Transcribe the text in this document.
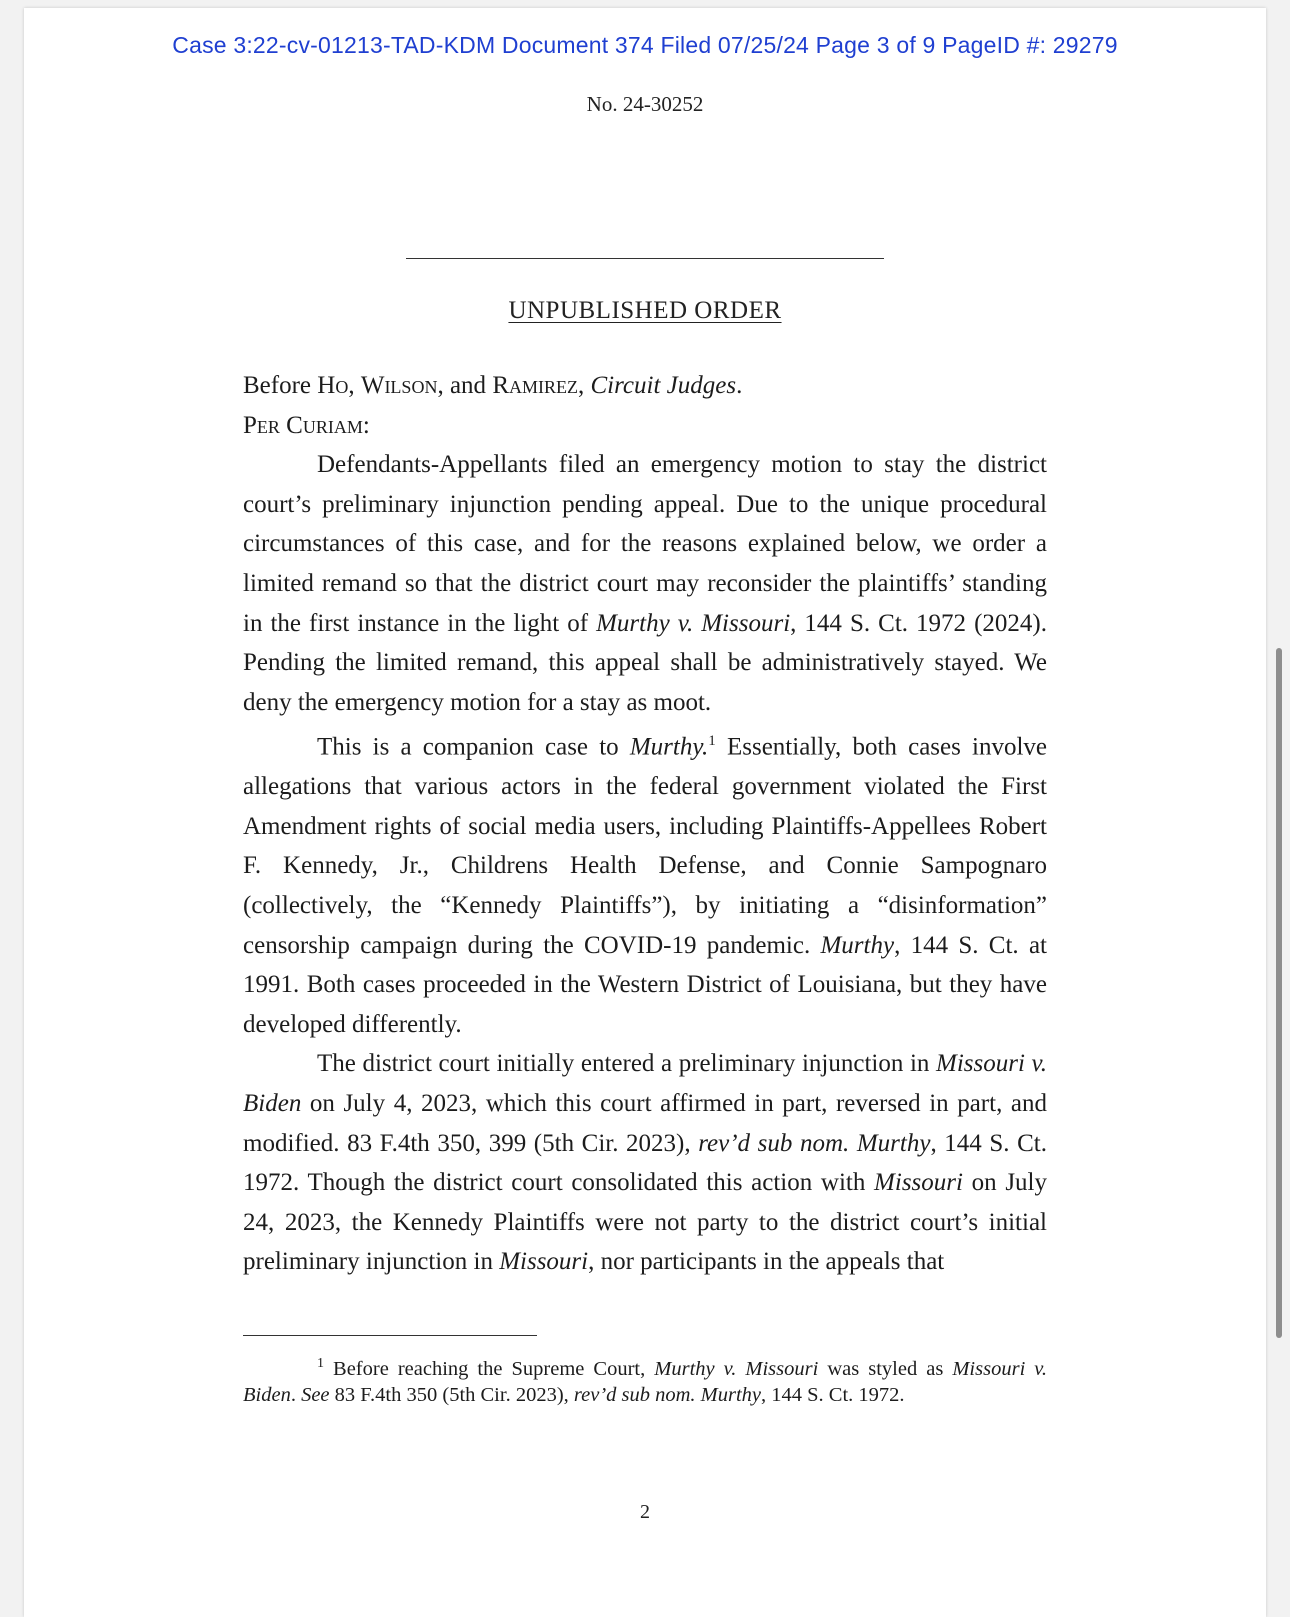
Case 3:22-cv-01213-TAD-KDM Document 374 Filed 07/25/24 Page 3 of 9 PageID #: 29279
No. 24-30252
UNPUBLISHED ORDER

Before Ho, Wilson, and Ramirez, Circuit Judges.

Per Curiam:

Defendants-Appellants filed an emergency motion to stay the district court’s preliminary injunction pending appeal. Due to the unique procedural circumstances of this case, and for the reasons explained below, we order a limited remand so that the district court may reconsider the plaintiffs’ standing in the first instance in the light of Murthy v. Missouri, 144 S. Ct. 1972 (2024). Pending the limited remand, this appeal shall be administratively stayed. We deny the emergency motion for a stay as moot.

This is a companion case to Murthy.$^1$ Essentially, both cases involve allegations that various actors in the federal government violated the First Amendment rights of social media users, including Plaintiffs-Appellees Robert F. Kennedy, Jr., Childrens Health Defense, and Connie Sampognaro (collectively, the “Kennedy Plaintiffs”), by initiating a “disinformation” censorship campaign during the COVID-19 pandemic. Murthy, 144 S. Ct. at 1991. Both cases proceeded in the Western District of Louisiana, but they have developed differently.

The district court initially entered a preliminary injunction in Missouri v. Biden on July 4, 2023, which this court affirmed in part, reversed in part, and modified. 83 F.4th 350, 399 (5th Cir. 2023), rev’d sub nom. Murthy, 144 S. Ct. 1972. Though the district court consolidated this action with Missouri on July 24, 2023, the Kennedy Plaintiffs were not party to the district court’s initial preliminary injunction in Missouri, nor participants in the appeals that

$^1$ Before reaching the Supreme Court, Murthy v. Missouri was styled as Missouri v. Biden. See 83 F.4th 350 (5th Cir. 2023), rev’d sub nom. Murthy, 144 S. Ct. 1972.
2
